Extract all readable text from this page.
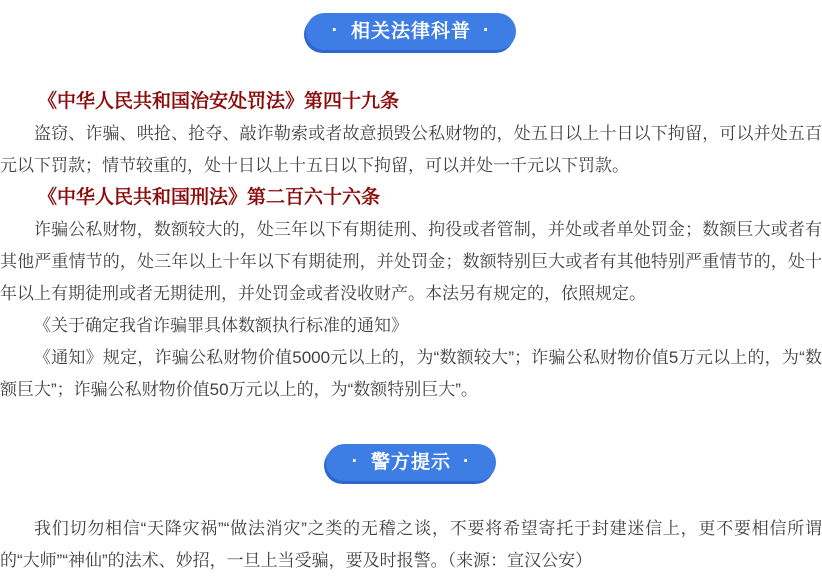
· 相关法律科普 ·
《中华人民共和国治安处罚法》第四十九条

盗窃、诈骗、哄抢、抢夺、敲诈勒索或者故意损毁公私财物的，处五日以上十日以下拘留，可以并处五百元以下罚款；情节较重的，处十日以上十五日以下拘留，可以并处一千元以下罚款。

《中华人民共和国刑法》第二百六十六条

诈骗公私财物，数额较大的，处三年以下有期徒刑、拘役或者管制，并处或者单处罚金；数额巨大或者有其他严重情节的，处三年以上十年以下有期徒刑，并处罚金；数额特别巨大或者有其他特别严重情节的，处十年以上有期徒刑或者无期徒刑，并处罚金或者没收财产。本法另有规定的，依照规定。

《关于确定我省诈骗罪具体数额执行标准的通知》

《通知》规定，诈骗公私财物价值5000元以上的，为“数额较大”；诈骗公私财物价值5万元以上的，为“数额巨大”；诈骗公私财物价值50万元以上的，为“数额特别巨大”。

· 警方提示 ·

我们切勿相信“天降灾祸”“做法消灾”之类的无稽之谈，不要将希望寄托于封建迷信上，更不要相信所谓的“大师”“神仙”的法术、妙招，一旦上当受骗，要及时报警。（来源：宣汉公安）
